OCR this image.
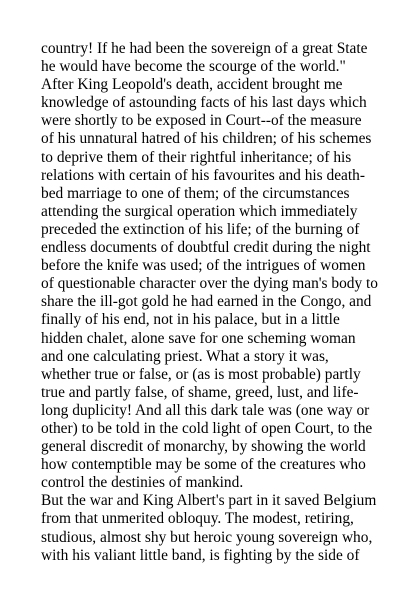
country! If he had been the sovereign of a great State
he would have become the scourge of the world."
After King Leopold's death, accident brought me
knowledge of astounding facts of his last days which
were shortly to be exposed in Court--of the measure
of his unnatural hatred of his children; of his schemes
to deprive them of their rightful inheritance; of his
relations with certain of his favourites and his death-
bed marriage to one of them; of the circumstances
attending the surgical operation which immediately
preceded the extinction of his life; of the burning of
endless documents of doubtful credit during the night
before the knife was used; of the intrigues of women
of questionable character over the dying man's body to
share the ill-got gold he had earned in the Congo, and
finally of his end, not in his palace, but in a little
hidden chalet, alone save for one scheming woman
and one calculating priest. What a story it was,
whether true or false, or (as is most probable) partly
true and partly false, of shame, greed, lust, and life-
long duplicity! And all this dark tale was (one way or
other) to be told in the cold light of open Court, to the
general discredit of monarchy, by showing the world
how contemptible may be some of the creatures who
control the destinies of mankind.
But the war and King Albert's part in it saved Belgium
from that unmerited obloquy. The modest, retiring,
studious, almost shy but heroic young sovereign who,
with his valiant little band, is fighting by the side of
